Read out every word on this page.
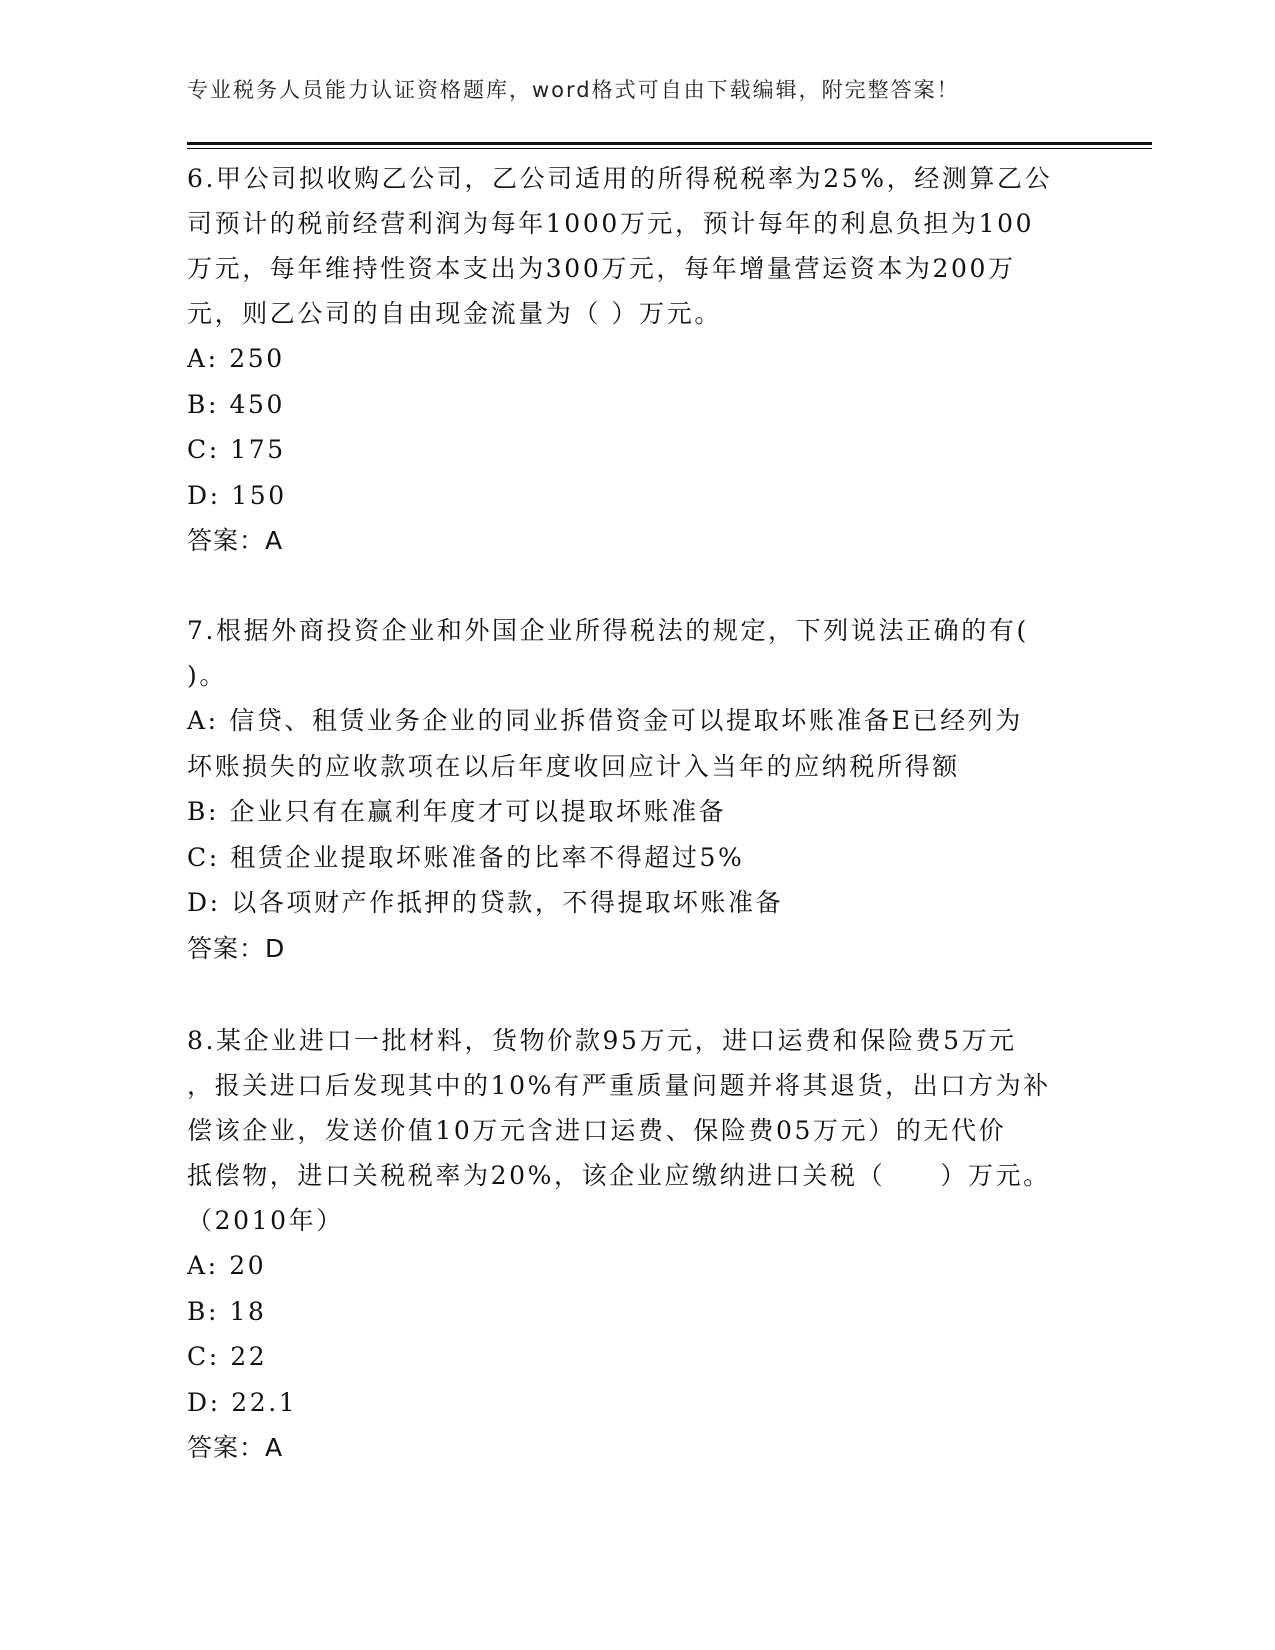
专业税务人员能力认证资格题库，word格式可自由下载编辑，附完整答案！

6.甲公司拟收购乙公司，乙公司适用的所得税税率为25%，经测算乙公
司预计的税前经营利润为每年1000万元，预计每年的利息负担为100
万元，每年维持性资本支出为300万元，每年增量营运资本为200万
元，则乙公司的自由现金流量为（ ）万元。

A: 250

B: 450

C: 175

D: 150

答案：A

7.根据外商投资企业和外国企业所得税法的规定，下列说法正确的有(
)。

A: 信贷、租赁业务企业的同业拆借资金可以提取坏账准备E已经列为
坏账损失的应收款项在以后年度收回应计入当年的应纳税所得额

B: 企业只有在赢利年度才可以提取坏账准备

C: 租赁企业提取坏账准备的比率不得超过5%

D: 以各项财产作抵押的贷款，不得提取坏账准备

答案：D

8.某企业进口一批材料，货物价款95万元，进口运费和保险费5万元
，报关进口后发现其中的10%有严重质量问题并将其退货，出口方为补
偿该企业，发送价值10万元含进口运费、保险费05万元）的无代价
抵偿物，进口关税税率为20%，该企业应缴纳进口关税（　　）万元。
（2010年）

A: 20

B: 18

C: 22

D: 22.1

答案：A
